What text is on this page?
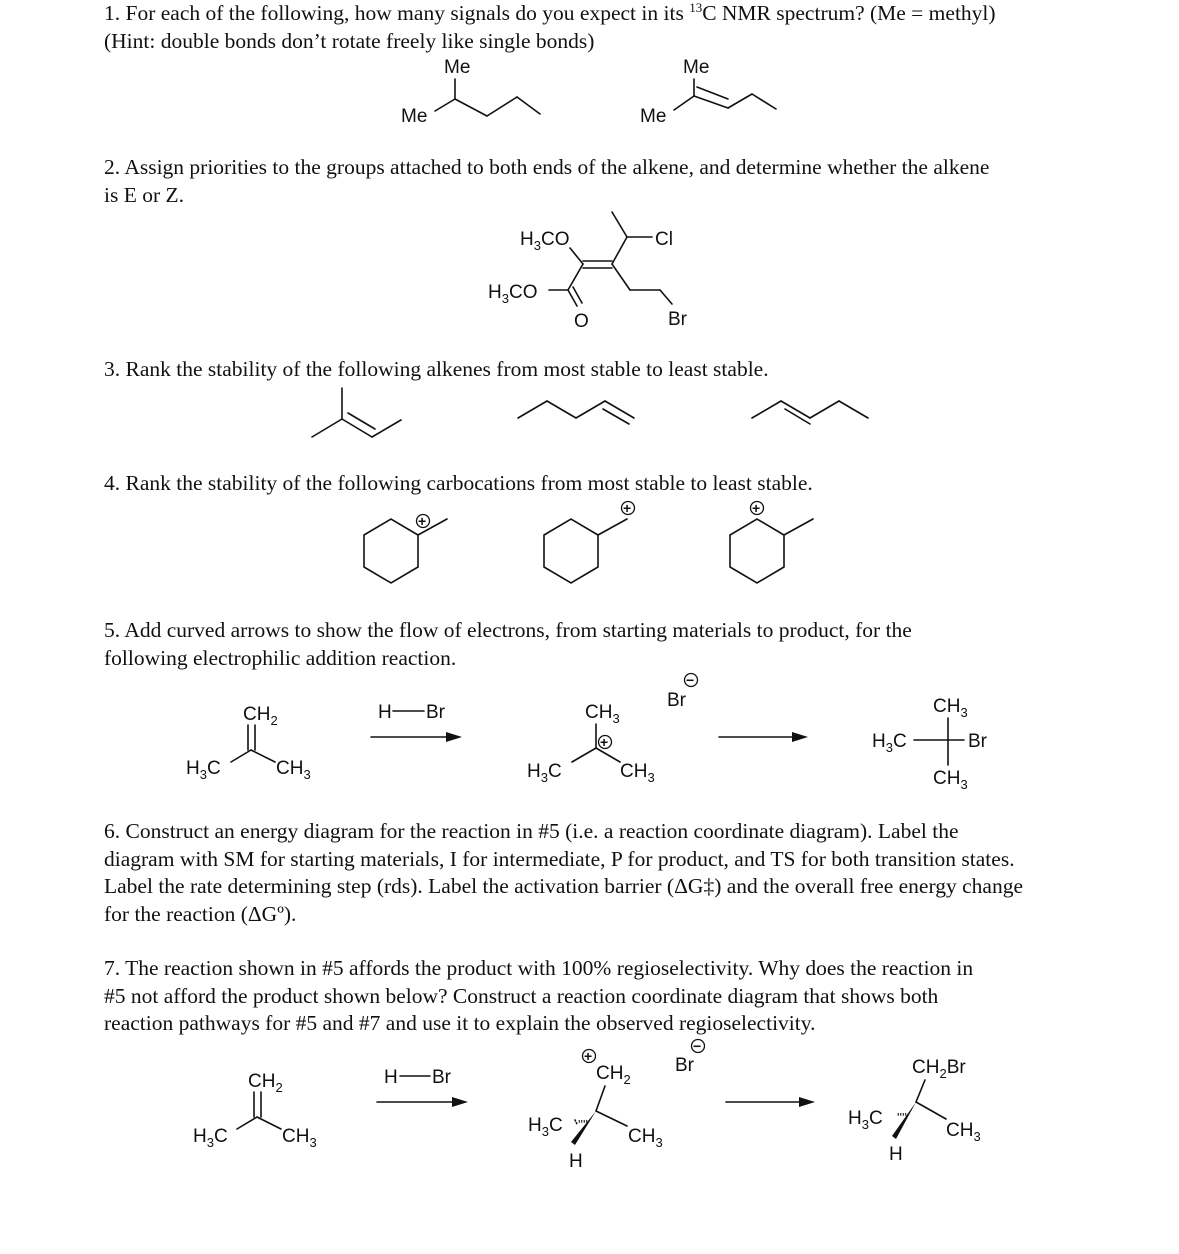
1. For each of the following, how many signals do you expect in its $^{13}$C NMR spectrum? (Me = methyl)
(Hint: double bonds don’t rotate freely like single bonds)

2. Assign priorities to the groups attached to both ends of the alkene, and determine whether the alkene
is E or Z.

3. Rank the stability of the following alkenes from most stable to least stable.

4. Rank the stability of the following carbocations from most stable to least stable.

5. Add curved arrows to show the flow of electrons, from starting materials to product, for the
following electrophilic addition reaction.

6. Construct an energy diagram for the reaction in #5 (i.e. a reaction coordinate diagram). Label the
diagram with SM for starting materials, I for intermediate, P for product, and TS for both transition states.
Label the rate determining step (rds). Label the activation barrier (ΔG‡) and the overall free energy change
for the reaction (ΔGº).

7. The reaction shown in #5 affords the product with 100% regioselectivity. Why does the reaction in
#5 not afford the product shown below? Construct a reaction coordinate diagram that shows both
reaction pathways for #5 and #7 and use it to explain the observed regioselectivity.

Me
Me
Me
Me
$H_3CO$
$H_3CO$
Cl
O	Br
+
+	+
$CH_2$
$H_3C$	$CH_3$
H Br	$CH_3$
+
$H_3C$	$CH_3$
−
Br	$CH_3$
$H_3C$	Br
$CH_3$
$CH_2$
$H_3C$	$CH_3$
H Br
+
$CH_2$
$H_3C$ ''''
$CH_3$
H
−
Br	$CH_2Br$
$H_3C$ ''''
$CH_3$
H
